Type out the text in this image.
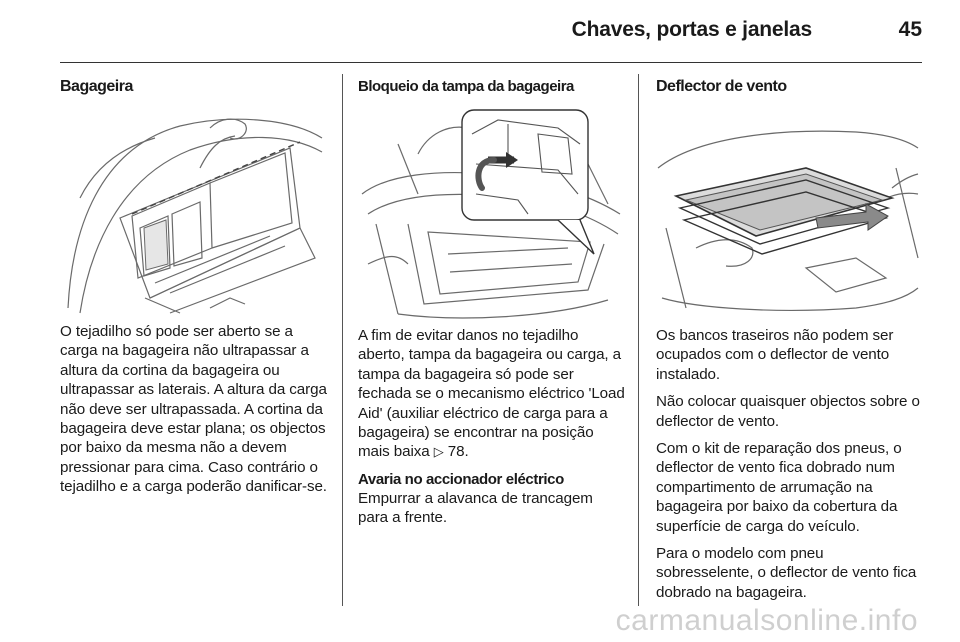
Chaves, portas e janelas	45
Bagageira

O tejadilho só pode ser aberto se a carga na bagageira não ultrapassar a altura da cortina da bagageira ou ultrapassar as laterais. A altura da carga não deve ser ultrapassada. A cortina da bagageira deve estar plana; os objectos por baixo da mesma não a devem pressionar para cima. Caso contrário o tejadilho e a carga poderão danificar-se.

Bloqueio da tampa da bagageira

A fim de evitar danos no tejadilho aberto, tampa da bagageira ou carga, a tampa da bagageira só pode ser fechada se o mecanismo eléctrico 'Load Aid' (auxiliar eléctrico de carga para a bagageira) se encontrar na posição mais baixa ▷ 78.

Avaria no accionador eléctrico

Empurrar a alavanca de trancagem para a frente.

Deflector de vento

Os bancos traseiros não podem ser ocupados com o deflector de vento instalado.

Não colocar quaisquer objectos sobre o deflector de vento.

Com o kit de reparação dos pneus, o deflector de vento fica dobrado num compartimento de arrumação na bagageira por baixo da cobertura da superfície de carga do veículo.

Para o modelo com pneu sobresselente, o deflector de vento fica dobrado na bagageira.

carmanualsonline.info
